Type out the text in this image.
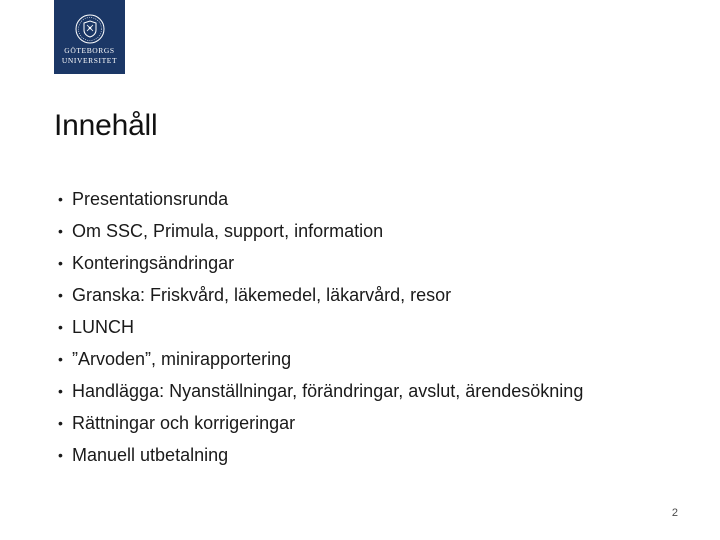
GÖTEBORGS
UNIVERSITET
Innehåll
• Presentationsrunda
• Om SSC, Primula, support, information
• Konteringsändringar
• Granska: Friskvård, läkemedel, läkarvård, resor
• LUNCH
• ”Arvoden”, minirapportering
• Handlägga: Nyanställningar, förändringar, avslut, ärendesökning
• Rättningar och korrigeringar
• Manuell utbetalning
2
